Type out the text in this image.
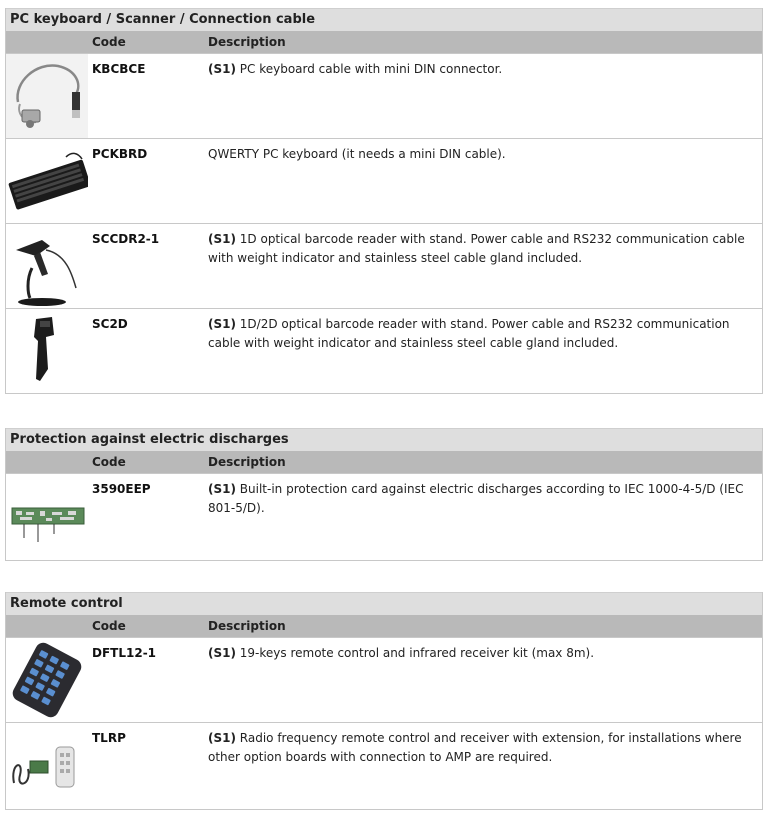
PC keyboard / Scanner / Connection cable
Code	Description
KBCBCE	(S1) PC keyboard cable with mini DIN connector.
PCKBRD	QWERTY PC keyboard (it needs a mini DIN cable).
SCCDR2-1	(S1) 1D optical barcode reader with stand. Power cable and RS232 communication cable with weight indicator and stainless steel cable gland included.
SC2D	(S1) 1D/2D optical barcode reader with stand. Power cable and RS232 communication cable with weight indicator and stainless steel cable gland included.
Protection against electric discharges
Code	Description
3590EEP	(S1) Built-in protection card against electric discharges according to IEC 1000-4-5/D (IEC 801-5/D).
Remote control
Code	Description
DFTL12-1	(S1) 19-keys remote control and infrared receiver kit (max 8m).
TLRP	(S1) Radio frequency remote control and receiver with extension, for installations where other option boards with connection to AMP are required.
